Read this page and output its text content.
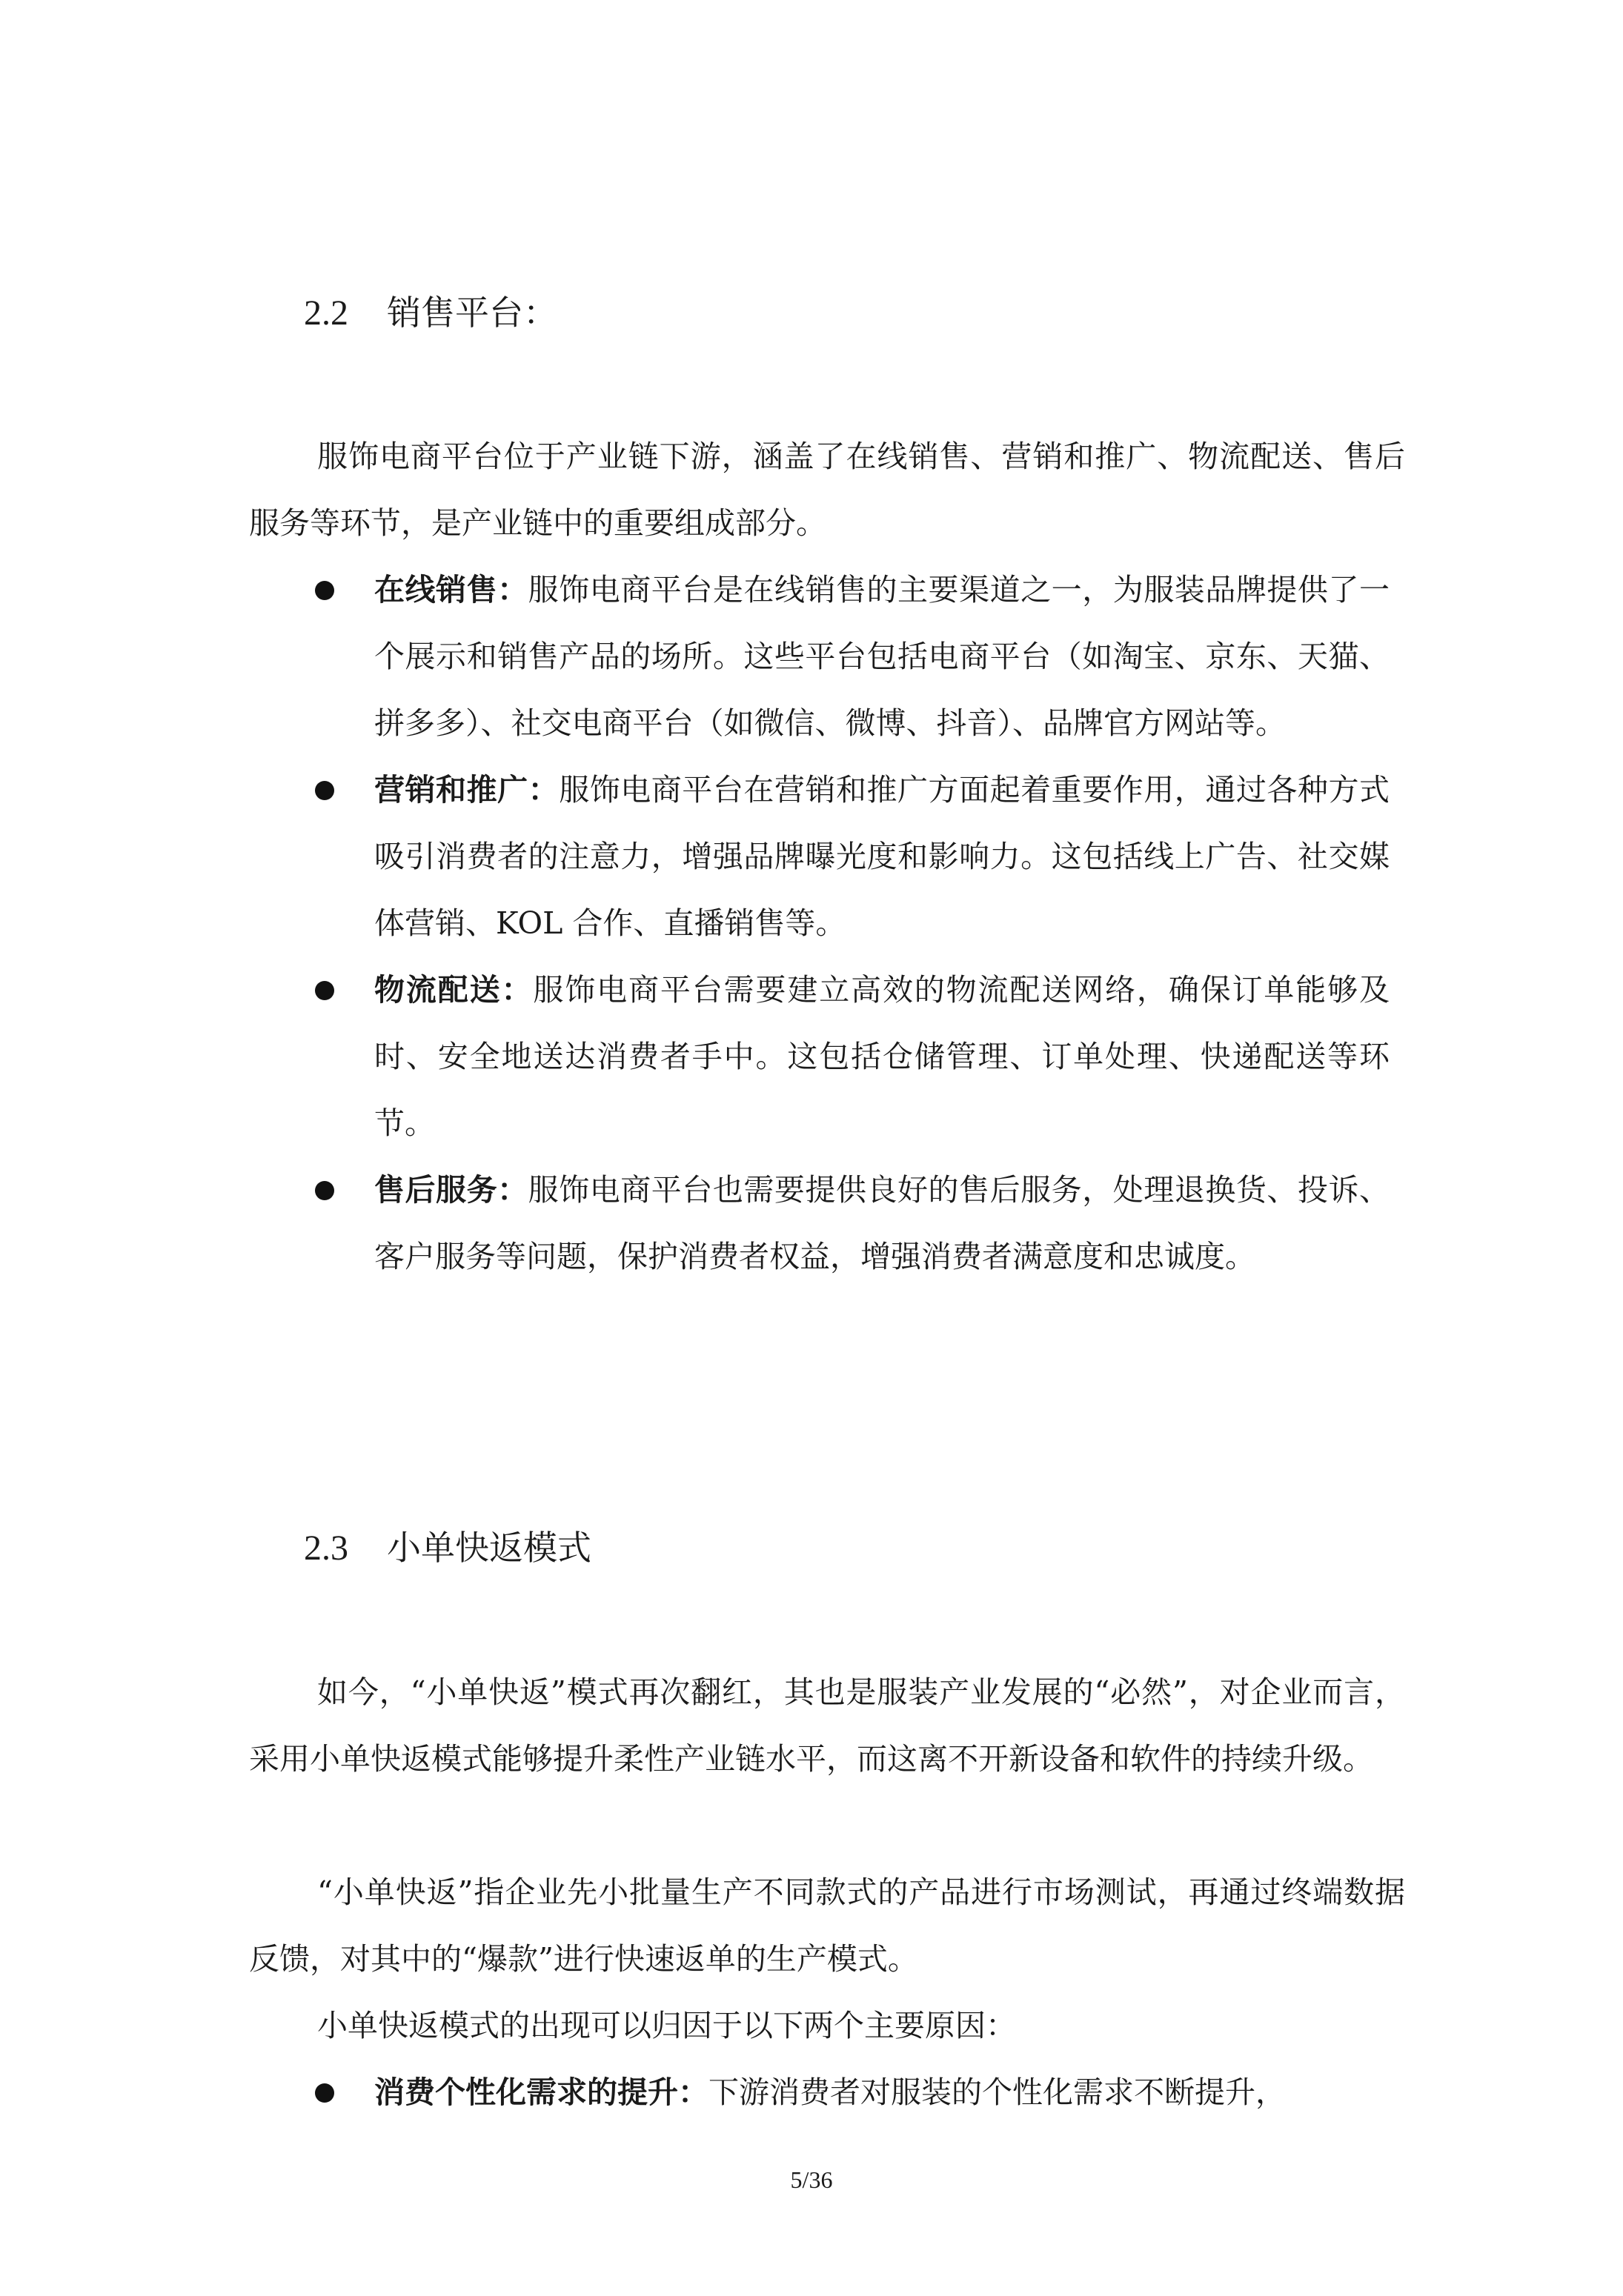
2.2 销售平台：
服饰电商平台位于产业链下游，涵盖了在线销售、营销和推广、物流配送、售后服务等环节，是产业链中的重要组成部分。
在线销售：服饰电商平台是在线销售的主要渠道之一，为服装品牌提供了一个展示和销售产品的场所。这些平台包括电商平台（如淘宝、京东、天猫、拼多多）、社交电商平台（如微信、微博、抖音）、品牌官方网站等。
营销和推广：服饰电商平台在营销和推广方面起着重要作用，通过各种方式吸引消费者的注意力，增强品牌曝光度和影响力。这包括线上广告、社交媒体营销、KOL 合作、直播销售等。
物流配送：服饰电商平台需要建立高效的物流配送网络，确保订单能够及时、安全地送达消费者手中。这包括仓储管理、订单处理、快递配送等环节。
售后服务：服饰电商平台也需要提供良好的售后服务，处理退换货、投诉、客户服务等问题，保护消费者权益，增强消费者满意度和忠诚度。
2.3 小单快返模式
如今，“小单快返”模式再次翻红，其也是服装产业发展的“必然”，对企业而言，采用小单快返模式能够提升柔性产业链水平，而这离不开新设备和软件的持续升级。
“小单快返”指企业先小批量生产不同款式的产品进行市场测试，再通过终端数据反馈，对其中的“爆款”进行快速返单的生产模式。
小单快返模式的出现可以归因于以下两个主要原因：
消费个性化需求的提升：下游消费者对服装的个性化需求不断提升，
5/36
